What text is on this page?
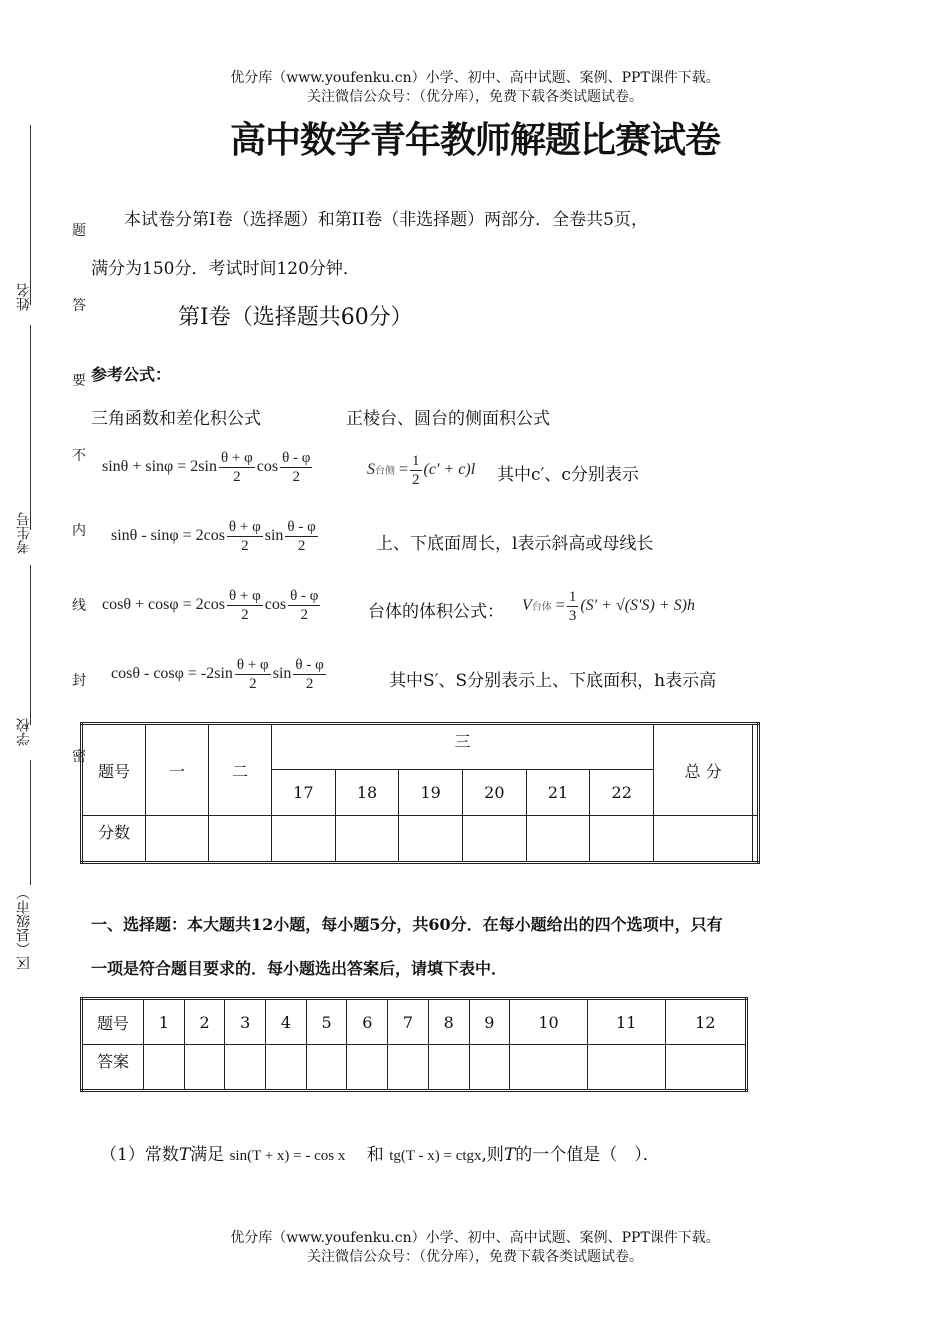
优分库（www.youfenku.cn）小学、初中、高中试题、案例、PPT课件下载。
关注微信公众号：（优分库），免费下载各类试题试卷。
高中数学青年教师解题比赛试卷
姓名
考生号
学校
区（县级市）
题
答
要
不
内
线
封
密
本试卷分第I卷（选择题）和第II卷（非选择题）两部分．全卷共5页，
满分为150分．考试时间120分钟．
第I卷（选择题共60分）
参考公式：
三角函数和差化积公式	正棱台、圆台的侧面积公式
$\sin\theta + \sin\varphi = 2\sin \frac{\theta + \varphi}{2}$ $\cos \frac{\theta - \varphi}{2}$	S台侧 = $\frac{1}{2} (c' + c)l$ 其中c′、c分别表示
$\sin\theta - \sin\varphi = 2\cos \frac{\theta + \varphi}{2}$ $\sin \frac{\theta - \varphi}{2}$	上、下底面周长，l表示斜高或母线长
$\cos\theta + \cos\varphi = 2\cos \frac{\theta + \varphi}{2}$ $\cos \frac{\theta - \varphi}{2}$	台体的体积公式： V台体 = $\frac{1}{3} (S' + √(S'S) + S)h$
$\cos\theta - \cos\varphi = -2\sin \frac{\theta + \varphi}{2}$ $\sin \frac{\theta - \varphi}{2}$	其中S′、S分别表示上、下底面积，h表示高
题号	一	二	三						总 分	
			17	18	19	20	21	22		
分数										
一、选择题：本大题共12小题，每小题5分，共60分．在每小题给出的四个选项中，只有
一项是符合题目要求的．每小题选出答案后，请填下表中．
题号	1	2	3	4	5	6	7	8	9	10	11	12
答案												
（1）常数T满足 sin(T + x) = - cos x 和 tg(T - x) = ctgx,则T的一个值是（　）．
优分库（www.youfenku.cn）小学、初中、高中试题、案例、PPT课件下载。
关注微信公众号：（优分库），免费下载各类试题试卷。
